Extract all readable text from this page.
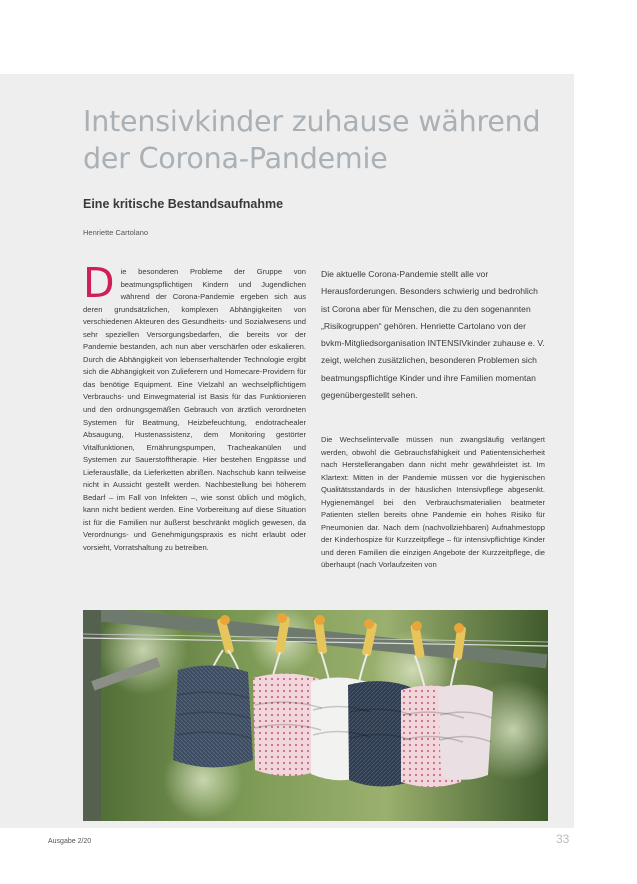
Intensivkinder zuhause während der Corona-Pandemie
Eine kritische Bestandsaufnahme
Henriette Cartolano
D ie besonderen Probleme der Gruppe von beatmungspflichtigen Kindern und Jugendlichen während der Corona-Pandemie ergeben sich aus deren grundsätzlichen, komplexen Abhängigkeiten von verschiedenen Akteuren des Gesundheits- und Sozialwesens und sehr speziellen Versorgungsbedarfen, die bereits vor der Pandemie bestanden, ach nun aber verschärfen oder eskalieren. Durch die Abhängigkeit von lebenserhaltender Technologie ergibt sich die Abhängigkeit von Zulieferern und Homecare-Providern für das benötige Equipment. Eine Vielzahl an wechselpflichtigem Verbrauchs- und Einwegmaterial ist Basis für das Funktionieren und den ordnungsgemäßen Gebrauch von ärztlich verordneten Systemen für Beatmung, Heizbefeuchtung, endotrachealer Absaugung, Hustenassistenz, dem Monitoring gestörter Vitalfunktionen, Ernährungspumpen, Tracheakanülen und Systemen zur Sauerstofftherapie. Hier bestehen Engpässe und Lieferausfälle, da Lieferketten abrißen. Nachschub kann teilweise nicht in Aussicht gestellt werden. Nachbestellung bei höherem Bedarf – im Fall von Infekten –, wie sonst üblich und möglich, kann nicht bedient werden. Eine Vorbereitung auf diese Situation ist für die Familien nur äußerst beschränkt möglich gewesen, da Verordnungs- und Genehmigungspraxis es nicht erlaubt oder vorsieht, Vorratshaltung zu betreiben.

Die aktuelle Corona-Pandemie stellt alle vor Herausforderungen. Besonders schwierig und bedrohlich ist Corona aber für Menschen, die zu den sogenannten „Risikogruppen“ gehören. Henriette Cartolano von der bvkm-Mitgliedsorganisation INTENSIVkinder zuhause e. V. zeigt, welchen zusätzlichen, besonderen Problemen sich beatmungspflichtige Kinder und ihre Familien momentan gegenübergestellt sehen.

Die Wechselintervalle müssen nun zwangsläufig verlängert werden, obwohl die Gebrauchsfähigkeit und Patientensicherheit nach Herstellerangaben dann nicht mehr gewährleistet ist. Im Klartext: Mitten in der Pandemie müssen vor die hygienischen Qualitätsstandards in der häuslichen Intensivpflege abgesenkt. Hygienemängel bei den Verbrauchsmaterialien beatmeter Patienten stellen bereits ohne Pandemie ein hohes Risiko für Pneumonien dar. Nach dem (nachvollziehbaren) Aufnahmestopp der Kinderhospize für Kurzzeitpflege – für intensivpflichtige Kinder und deren Familien die einzigen Angebote der Kurzzeitpflege, die überhaupt (nach Vorlaufzeiten von
Ausgabe 2/20	33
